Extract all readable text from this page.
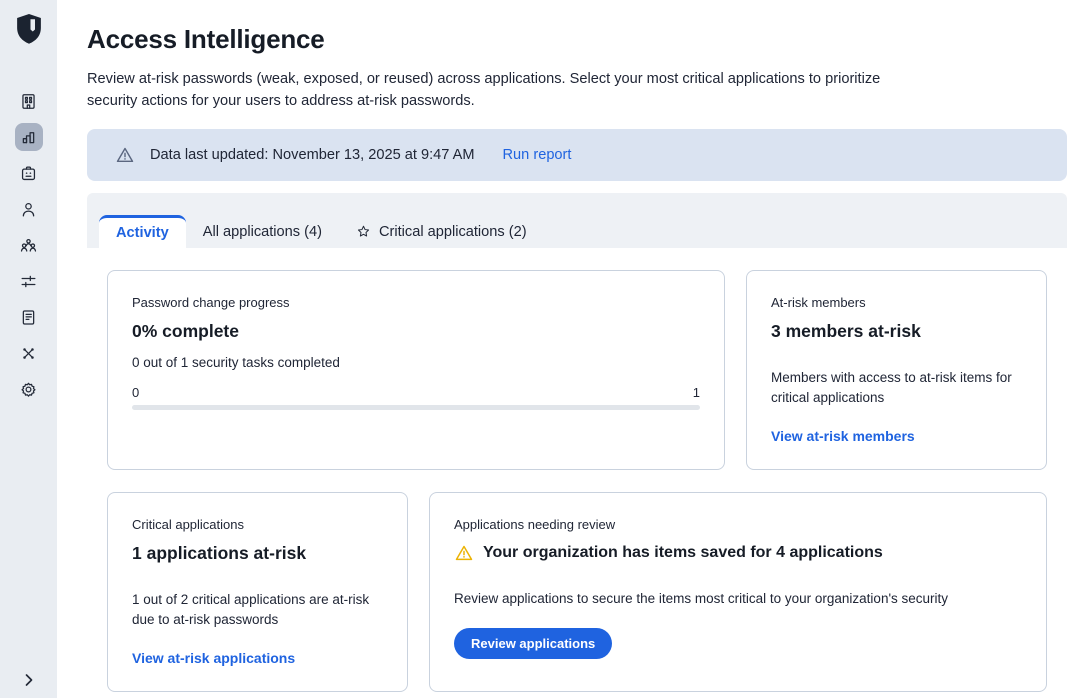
Access Intelligence
Review at-risk passwords (weak, exposed, or reused) across applications. Select your most critical applications to prioritize security actions for your users to address at-risk passwords.
Data last updated: November 13, 2025 at 9:47 AM Run report
Activity All applications (4)	Critical applications (2)
Password change progress
0% complete
0 out of 1 security tasks completed
0	1
At-risk members
3 members at-risk
Members with access to at-risk items for critical applications
View at-risk members
Critical applications
1 applications at-risk
1 out of 2 critical applications are at-risk due to at-risk passwords
View at-risk applications
Applications needing review
Your organization has items saved for 4 applications
Review applications to secure the items most critical to your organization's security
Review applications
